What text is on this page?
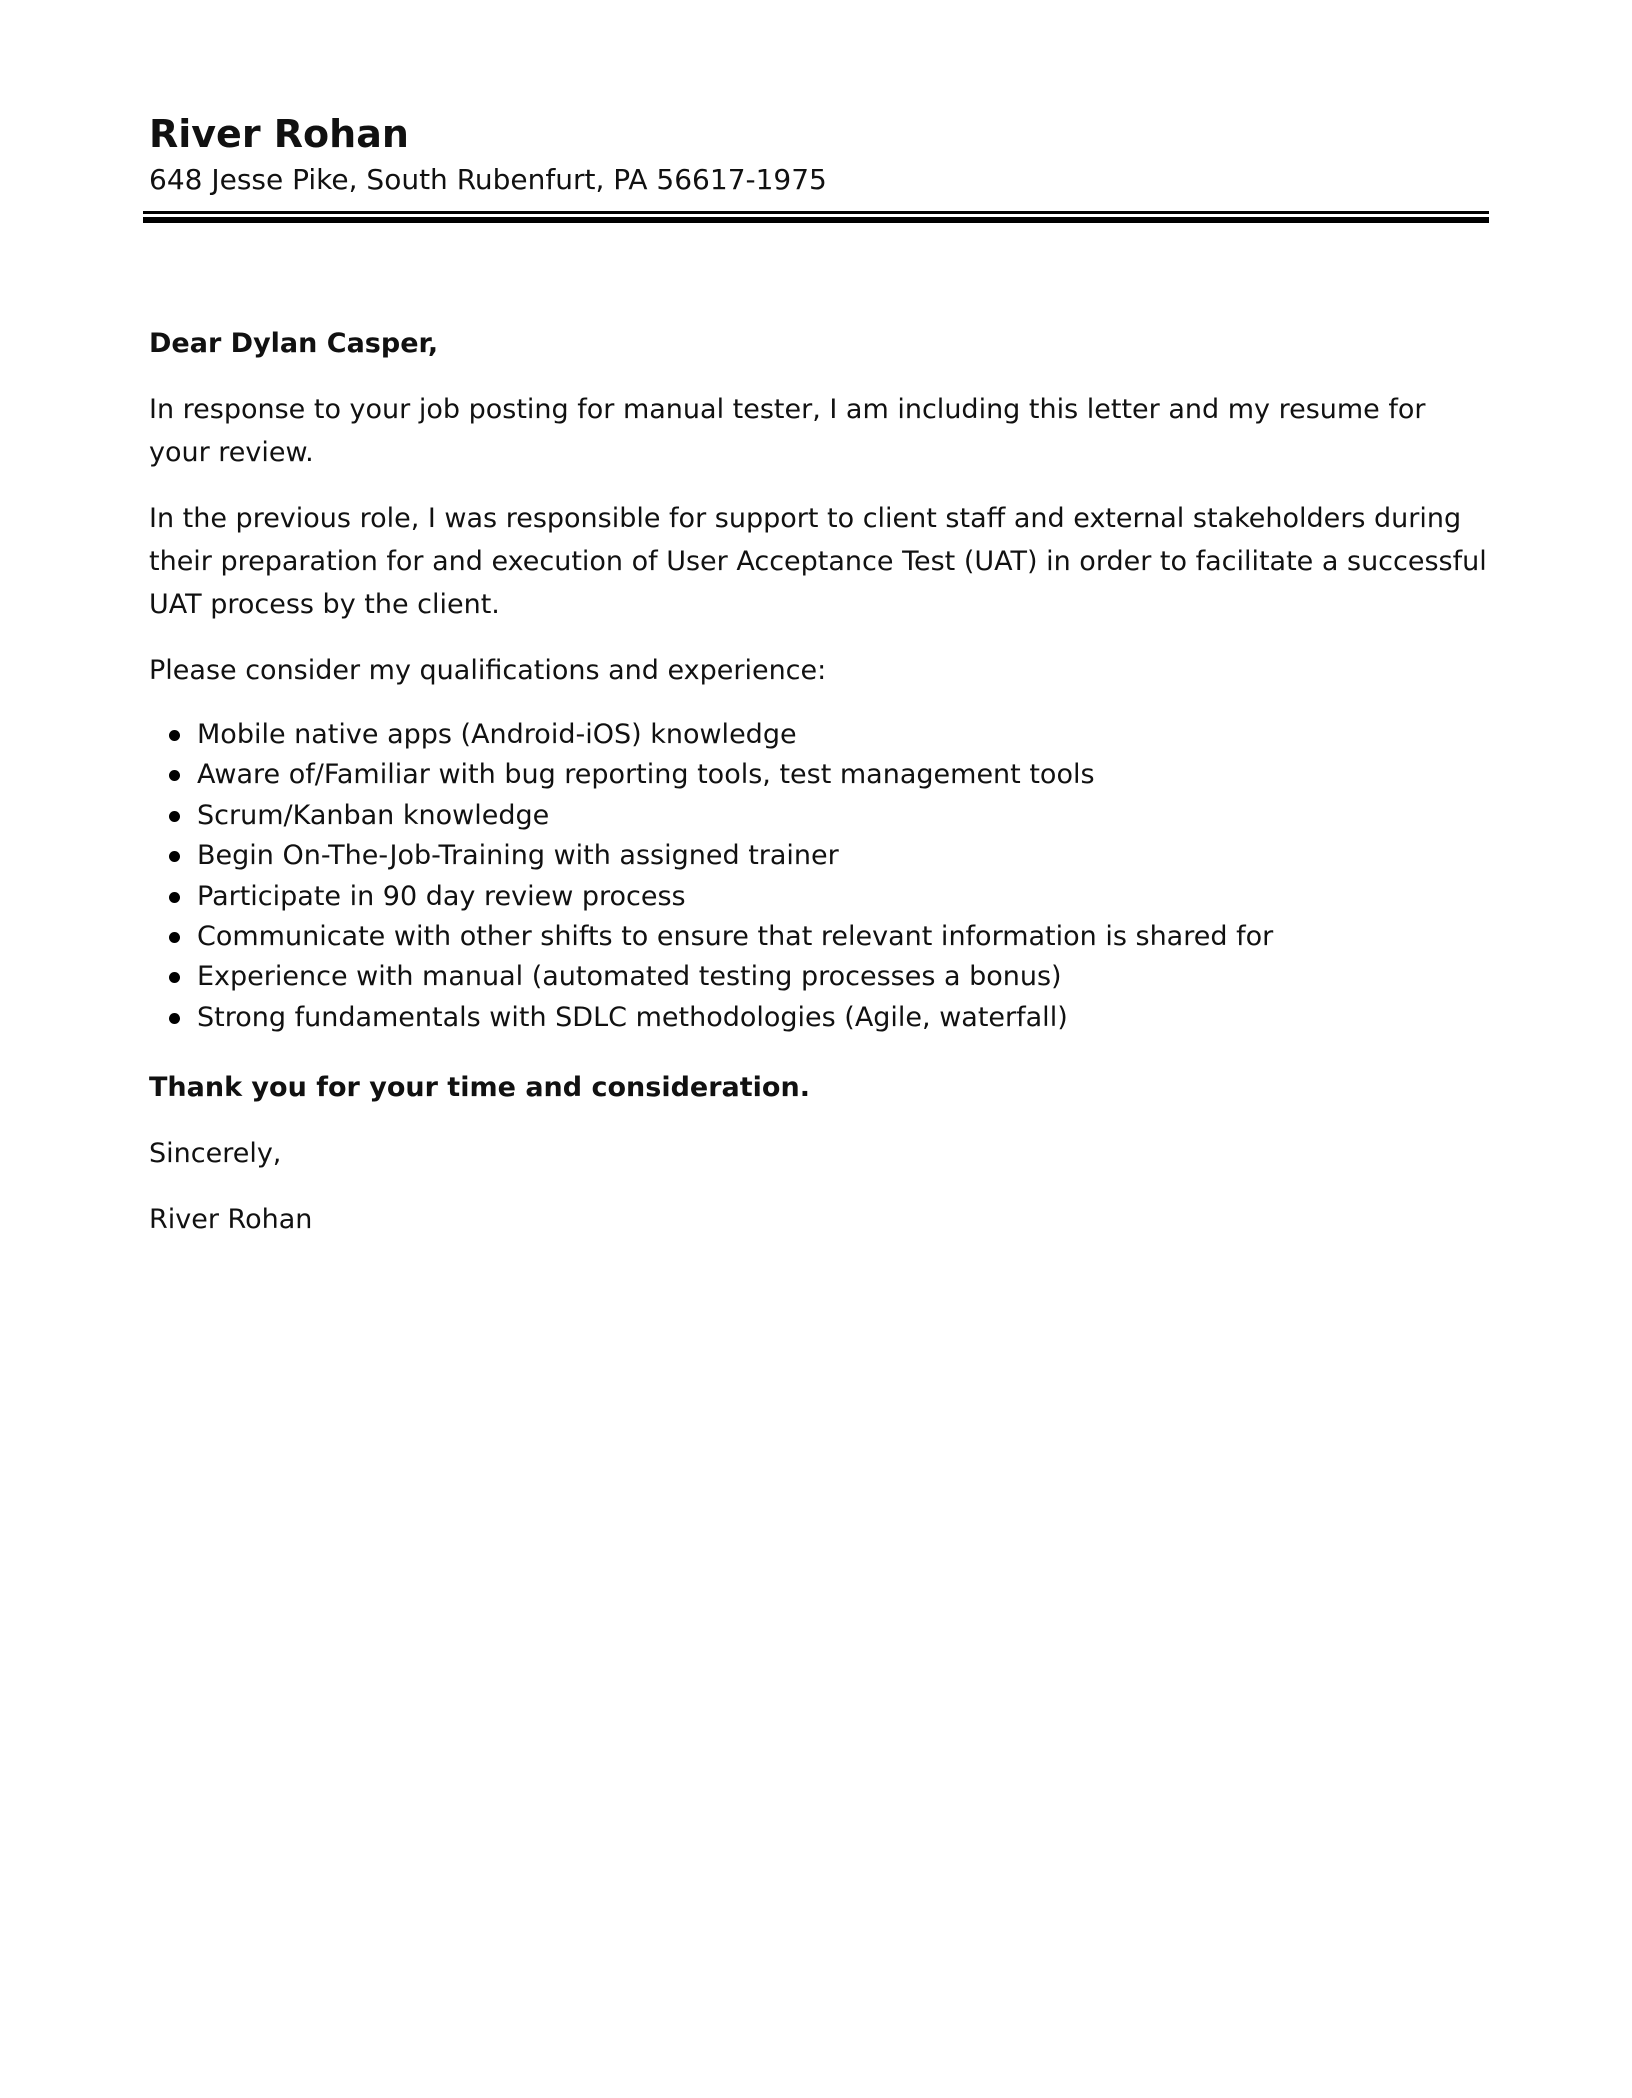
River Rohan

648 Jesse Pike, South Rubenfurt, PA 56617-1975

Dear Dylan Casper,

In response to your job posting for manual tester, I am including this letter and my resume for your review.

In the previous role, I was responsible for support to client staff and external stakeholders during their preparation for and execution of User Acceptance Test (UAT) in order to facilitate a successful UAT process by the client.

Please consider my qualifications and experience:

Mobile native apps (Android-iOS) knowledge
Aware of/Familiar with bug reporting tools, test management tools
Scrum/Kanban knowledge
Begin On-The-Job-Training with assigned trainer
Participate in 90 day review process
Communicate with other shifts to ensure that relevant information is shared for
Experience with manual (automated testing processes a bonus)
Strong fundamentals with SDLC methodologies (Agile, waterfall)

Thank you for your time and consideration.

Sincerely,

River Rohan
